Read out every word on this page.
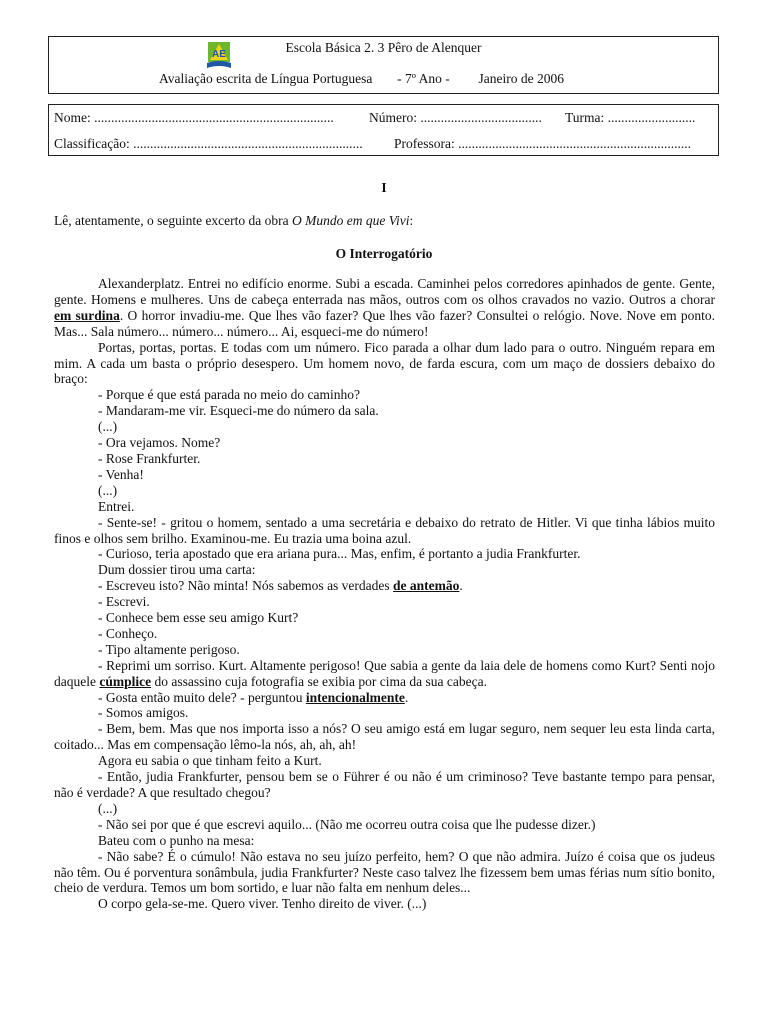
AE	Escola Básica 2. 3 Pêro de Alenquer
Avaliação escrita de Língua Portuguesa - 7º Ano - Janeiro de 2006
Nome: .......................................................................	Número: .................................... Turma: ..........................
Classificação: .................................................................... Professora: .....................................................................
I
Lê, atentamente, o seguinte excerto da obra O Mundo em que Vivi:
O Interrogatório

Alexanderplatz. Entrei no edifício enorme. Subi a escada. Caminhei pelos corredores apinhados de gente. Gente, gente. Homens e mulheres. Uns de cabeça enterrada nas mãos, outros com os olhos cravados no vazio. Outros a chorar em surdina. O horror invadiu-me. Que lhes vão fazer? Que lhes vão fazer? Consultei o relógio. Nove. Nove em ponto. Mas... Sala número... número... número... Ai, esqueci-me do número!

Portas, portas, portas. E todas com um número. Fico parada a olhar dum lado para o outro. Ninguém repara em mim. A cada um basta o próprio desespero. Um homem novo, de farda escura, com um maço de dossiers debaixo do braço:

- Porque é que está parada no meio do caminho?

- Mandaram-me vir. Esqueci-me do número da sala.

(...)

- Ora vejamos. Nome?

- Rose Frankfurter.

- Venha!

(...)

Entrei.

- Sente-se! - gritou o homem, sentado a uma secretária e debaixo do retrato de Hitler. Vi que tinha lábios muito finos e olhos sem brilho. Examinou-me. Eu trazia uma boina azul.

- Curioso, teria apostado que era ariana pura... Mas, enfim, é portanto a judia Frankfurter.

Dum dossier tirou uma carta:

- Escreveu isto? Não minta! Nós sabemos as verdades de antemão.

- Escrevi.

- Conhece bem esse seu amigo Kurt?

- Conheço.

- Tipo altamente perigoso.

- Reprimi um sorriso. Kurt. Altamente perigoso! Que sabia a gente da laia dele de homens como Kurt? Senti nojo daquele cúmplice do assassino cuja fotografia se exibia por cima da sua cabeça.

- Gosta então muito dele? - perguntou intencionalmente.

- Somos amigos.

- Bem, bem. Mas que nos importa isso a nós? O seu amigo está em lugar seguro, nem sequer leu esta linda carta, coitado... Mas em compensação lêmo-la nós, ah, ah, ah!

Agora eu sabia o que tinham feito a Kurt.

- Então, judia Frankfurter, pensou bem se o Führer é ou não é um criminoso? Teve bastante tempo para pensar, não é verdade? A que resultado chegou?

(...)

- Não sei por que é que escrevi aquilo... (Não me ocorreu outra coisa que lhe pudesse dizer.)

Bateu com o punho na mesa:

- Não sabe? É o cúmulo! Não estava no seu juízo perfeito, hem? O que não admira. Juízo é coisa que os judeus não têm. Ou é porventura sonâmbula, judia Frankfurter? Neste caso talvez lhe fizessem bem umas férias num sítio bonito, cheio de verdura. Temos um bom sortido, e luar não falta em nenhum deles...

O corpo gela-se-me. Quero viver. Tenho direito de viver. (...)
